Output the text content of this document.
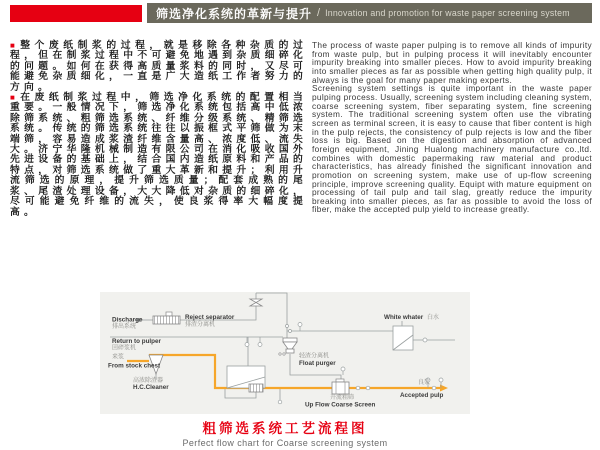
筛选净化系统的革新与提升 / Innovation and promotion for waste paper screening system

■ 整个废纸制浆的过程，就是移除各种杂质的过程，但在制浆过程中不可避免地遇到杂质细碎化的问题。如何在获得高质量浆料的同时，又尽可能避免杂质细化，一直是广大造纸工作者努力的方向。

■ 在废纸制浆过程中，筛选净化系统的配置相当重要。一般情况下，筛选净化系统包括高中低浓除筛系统、粗筛选系统、纤维分级系统、精筛选系统。传统的筛选系统往往以振框式平筛做为末端筛，容易造成浆渣纤维含量高、浓度低、流失大。济宁华隆机械制造有限公司在消化吸收国外先进设备的基础上，结合国内造纸原料和产品的特点，对筛选系统做了重大革新和提升；利用升流筛选的原理，提升筛选质量；配套成熟的尾浆、尾渣处理设备，大大降低对杂质的细碎化，尽可能避免纤维的流失，使良浆得率大幅度提高。

The process of waste paper pulping is to remove all kinds of impurity from waste pulp, but in pulping process it will inevitably encounter impurity breaking into smaller pieces. How to avoid impurity breaking into smaller pieces as far as possible when getting high quality pulp, it always is the goal for many paper making experts.

Screening system settings is quite important in the waste paper pulping process. Usually, screening system including cleaning system, coarse screening system, fiber separating system, fine screening system. The traditional screening system often use the vibrating screen as terminal screen, it is easy to cause that fiber content is high in the pulp rejects, the consistency of pulp rejects is low and the fiber loss is big. Based on the digestion and absorption of advanced foreign equipment, Jining Hualong machinery manufacture co.,ltd. combines with domestic papermaking raw material and product characteristics, has already finished the significant innovation and promotion on screening system, make use of up-flow screening principle, improve screening quality. Equipt with mature equipment on processing of tail pulp and tail slag, greatly reduce the impurity breaking into smaller pieces, as far as possible to avoid the loss of fiber, make the accepted pulp yield to increase greatly.

Discharge
排出系统
Reject separator
排渣分离机
Return to pulper
回碎浆机
来浆
From stock chest
高浓除渣器
H.C.Cleaner
White whater 白水
轻渣分离机
Float purger
升流粗筛
Up Flow Coarse Screen
良浆
Accepted pulp
粗筛选系统工艺流程图
Perfect flow chart for Coarse screening system
